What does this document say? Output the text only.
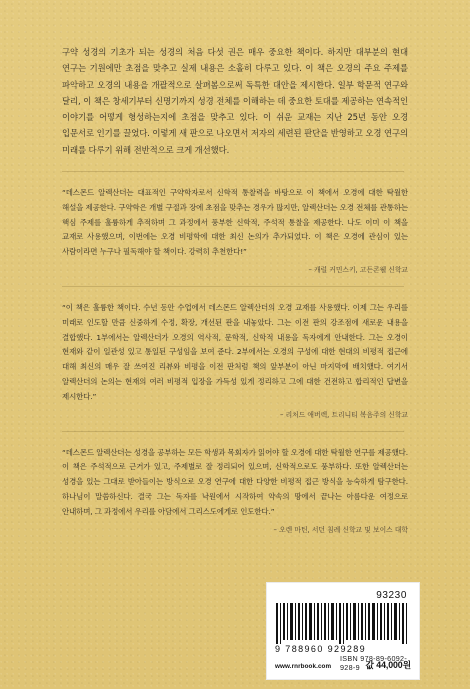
구약 성경의 기초가 되는 성경의 처음 다섯 권은 매우 중요한 책이다. 하지만 대부분의 현대 연구는 기원에만 초점을 맞추고 실제 내용은 소홀히 다루고 있다. 이 책은 오경의 주요 주제를 파악하고 오경의 내용을 개괄적으로 살펴봄으로써 독특한 대안을 제시한다. 일부 학문적 연구와 달리, 이 책은 창세기부터 신명기까지 성경 전체를 이해하는 데 중요한 토대를 제공하는 연속적인 이야기를 어떻게 형성하는지에 초점을 맞추고 있다. 이 쉬운 교재는 지난 25년 동안 오경 입문서로 인기를 끌었다. 이렇게 새 판으로 나오면서 저자의 세련된 판단을 반영하고 오경 연구의 미래를 다루기 위해 전반적으로 크게 개선했다.

“데스몬드 알렉산더는 대표적인 구약학자로서 신학적 통찰력을 바탕으로 이 책에서 오경에 대한 탁월한 해설을 제공한다. 구약학은 개별 구절과 장에 초점을 맞추는 경우가 많지만, 알렉산더는 오경 전체를 관통하는 핵심 주제를 훌륭하게 추적하며 그 과정에서 풍부한 신학적, 주석적 통찰을 제공한다. 나도 이미 이 책을 교재로 사용했으며, 이번에는 오경 비평학에 대한 최신 논의가 추가되었다. 이 책은 오경에 관심이 있는 사람이라면 누구나 필독해야 할 책이다. 강력히 추천한다!”

– 캐럴 커민스키, 고든콘웰 신학교

“이 책은 훌륭한 책이다. 수년 동안 수업에서 데스몬드 알렉산더의 오경 교재를 사용했다. 이제 그는 우리를 미래로 인도할 만큼 신중하게 수정, 확장, 개선된 판을 내놓았다. 그는 이전 판의 강조점에 새로운 내용을 결합했다. 1부에서는 알렉산더가 오경의 역사적, 문학적, 신학적 내용을 독자에게 안내한다. 그는 오경이 현재와 같이 일관성 있고 통일된 구성임을 보여 준다. 2부에서는 오경의 구성에 대한 현대의 비평적 접근에 대해 최신의 매우 잘 쓰여진 리뷰와 비평을 이전 판처럼 책의 앞부분이 아닌 마지막에 배치했다. 여기서 알렉산더의 논의는 현재의 여러 비평적 입장을 가득성 있게 정리하고 그에 대한 건전하고 합리적인 답변을 제시한다.”

– 리처드 애버렉, 트리니티 복음주의 신학교

“데스몬드 알렉산더는 성경을 공부하는 모든 학생과 목회자가 읽어야 할 오경에 대한 탁월한 연구를 제공했다. 이 책은 주석적으로 근거가 있고, 주제별로 잘 정리되어 있으며, 신학적으로도 풍부하다. 또한 알렉산더는 성경을 있는 그대로 받아들이는 방식으로 오경 연구에 대한 다양한 비평적 접근 방식을 능숙하게 탐구한다. 하나님이 말씀하신다. 결국 그는 독자를 낙원에서 시작하여 약속의 땅에서 끝나는 아름다운 여정으로 안내하며, 그 과정에서 우리를 아담에서 그리스도에게로 인도한다.”

– 오렌 마틴, 서던 침례 신학교 및 보이스 대학

93230
9 788960 929289
ISBN 978-89-6092-928-9
www.rnrbook.com	값 44,000원
